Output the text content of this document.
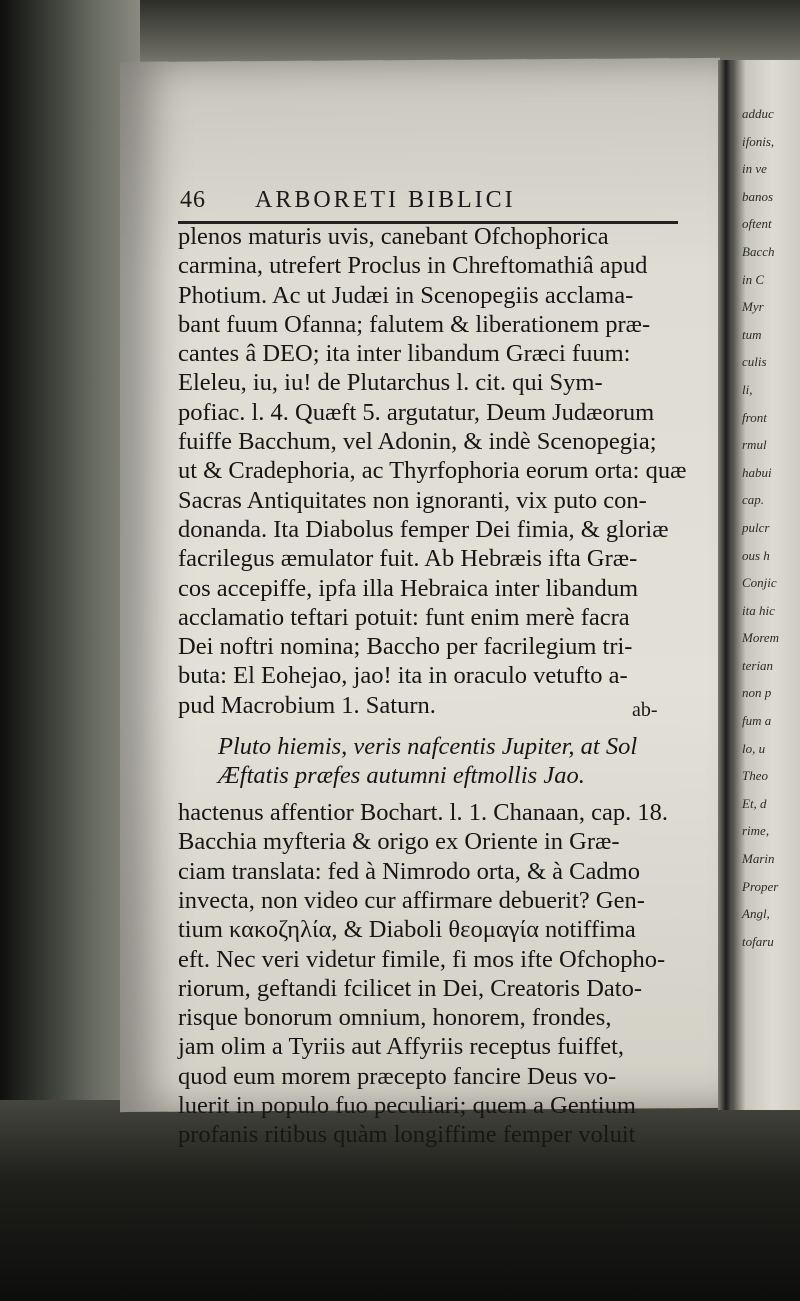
adduc
ifonis,
in ve
banos
oftent
Bacch
in C
Myr
tum
culis
li,
front
rmul
habui
cap.
pulcr
ous h
Conjic
ita hic
Morem
terian
non p
fum a
lo, u
Theo
Et, d
rime,
Marin
Proper
Angl,
tofaru
46 ARBORETI BIBLICI
plenos maturis uvis, canebant Ofchophorica
carmina, utrefert Proclus in Chreftomathiâ apud
Photium. Ac ut Judæi in Scenopegiis acclama-
bant fuum Ofanna; falutem & liberationem præ-
cantes â DEO; ita inter libandum Græci fuum:
Eleleu, iu, iu! de Plutarchus l. cit. qui Sym-
pofiac. l. 4. Quæft 5. argutatur, Deum Judæorum
fuiffe Bacchum, vel Adonin, & indè Scenopegia;
ut & Cradephoria, ac Thyrfophoria eorum orta: quæ
Sacras Antiquitates non ignoranti, vix puto con-
donanda. Ita Diabolus femper Dei fimia, & gloriæ
facrilegus æmulator fuit. Ab Hebræis ifta Græ-
cos accepiffe, ipfa illa Hebraica inter libandum
acclamatio teftari potuit: funt enim merè facra
Dei noftri nomina; Baccho per facrilegium tri-
buta: El Eohejao, jao! ita in oraculo vetufto a-
pud Macrobium 1. Saturn.
Pluto hiemis, veris nafcentis Jupiter, at Sol
Æftatis præfes autumni eftmollis Jao.
hactenus affentior Bochart. l. 1. Chanaan, cap. 18.
Bacchia myfteria & origo ex Oriente in Græ-
ciam translata: fed à Nimrodo orta, & à Cadmo
invecta, non video cur affirmare debuerit? Gen-
tium κακοζηλία, & Diaboli θεομαγία notiffima
eft. Nec veri videtur fimile, fi mos ifte Ofchopho-
riorum, geftandi fcilicet in Dei, Creatoris Dato-
risque bonorum omnium, honorem, frondes,
jam olim a Tyriis aut Affyriis receptus fuiffet,
quod eum morem præcepto fancire Deus vo-
luerit in populo fuo peculiari; quem a Gentium
profanis ritibus quàm longiffime femper voluit
ab-
